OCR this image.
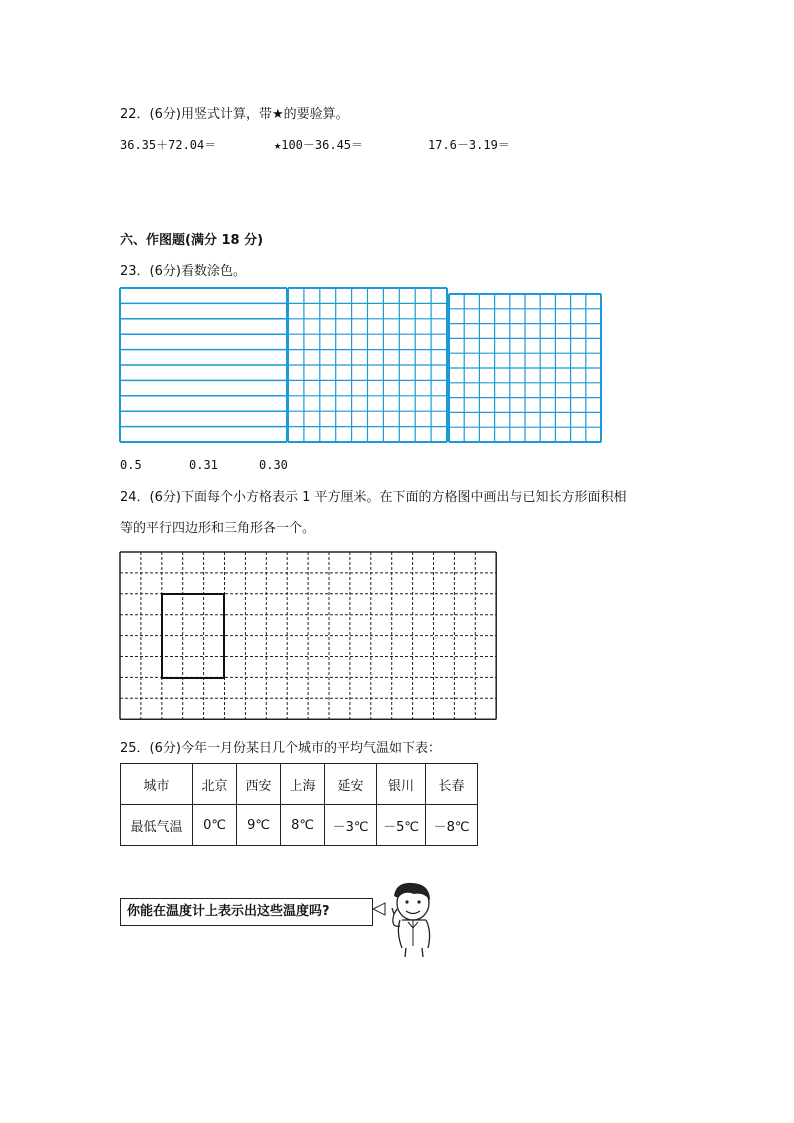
22．(6分)用竖式计算，带★的要验算。
36.35＋72.04＝	★100－36.45＝	17.6－3.19＝
六、作图题(满分 18 分)
23．(6分)看数涂色。
0.5	0.31	0.30
24．(6分)下面每个小方格表示 1 平方厘米。在下面的方格图中画出与已知长方形面积相
等的平行四边形和三角形各一个。
25．(6分)今年一月份某日几个城市的平均气温如下表：
城市	北京	西安	上海	延安	银川	长春
最低气温	0℃	9℃	8℃	－3℃	－5℃	－8℃
你能在温度计上表示出这些温度吗?
